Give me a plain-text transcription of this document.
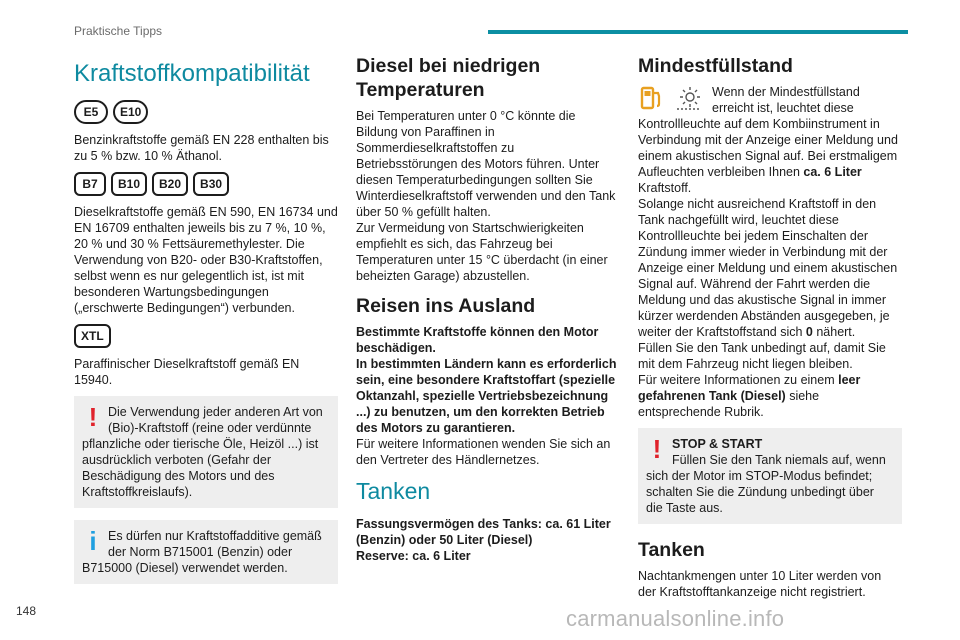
Praktische Tipps
Kraftstoffkompatibilität
E5	E10

Benzinkraftstoffe gemäß EN 228 enthalten bis zu 5 % bzw. 10 % Äthanol.

B7	B10	B20	B30

Dieselkraftstoffe gemäß EN 590, EN 16734 und EN 16709 enthalten jeweils bis zu 7 %, 10 %, 20 % und 30 % Fettsäuremethylester. Die Verwendung von B20- oder B30-Kraftstoffen, selbst wenn es nur gelegentlich ist, ist mit besonderen Wartungsbedingungen („erschwerte Bedingungen“) verbunden.

XTL

Paraffinischer Dieselkraftstoff gemäß EN 15940.

! Die Verwendung jeder anderen Art von (Bio)-Kraftstoff (reine oder verdünnte pflanzliche oder tierische Öle, Heizöl ...) ist ausdrücklich verboten (Gefahr der Beschädigung des Motors und des Kraftstoffkreislaufs).
i Es dürfen nur Kraftstoffadditive gemäß der Norm B715001 (Benzin) oder B715000 (Diesel) verwendet werden.
Diesel bei niedrigen Temperaturen

Bei Temperaturen unter 0 °C könnte die Bildung von Paraffinen in Sommerdieselkraftstoffen zu Betriebsstörungen des Motors führen. Unter diesen Temperaturbedingungen sollten Sie Winterdieselkraftstoff verwenden und den Tank über 50 % gefüllt halten.

Zur Vermeidung von Startschwierigkeiten empfiehlt es sich, das Fahrzeug bei Temperaturen unter 15 °C überdacht (in einer beheizten Garage) abzustellen.

Reisen ins Ausland

Bestimmte Kraftstoffe können den Motor beschädigen.
In bestimmten Ländern kann es erforderlich sein, eine besondere Kraftstoffart (spezielle Oktanzahl, spezielle Vertriebsbezeichnung ...) zu benutzen, um den korrekten Betrieb des Motors zu garantieren.

Für weitere Informationen wenden Sie sich an den Vertreter des Händlernetzes.

Tanken

Fassungsvermögen des Tanks: ca. 61 Liter (Benzin) oder 50 Liter (Diesel)
Reserve: ca. 6 Liter

Mindestfüllstand

Wenn der Mindestfüllstand erreicht ist, leuchtet diese Kontrollleuchte auf dem Kombiinstrument in Verbindung mit der Anzeige einer Meldung und einem akustischen Signal auf. Bei erstmaligem Aufleuchten verbleiben Ihnen ca. 6 Liter Kraftstoff.

Solange nicht ausreichend Kraftstoff in den Tank nachgefüllt wird, leuchtet diese Kontrollleuchte bei jedem Einschalten der Zündung immer wieder in Verbindung mit der Anzeige einer Meldung und einem akustischen Signal auf. Während der Fahrt werden die Meldung und das akustische Signal in immer kürzer werdenden Abständen ausgegeben, je weiter der Kraftstoffstand sich 0 nähert.

Füllen Sie den Tank unbedingt auf, damit Sie mit dem Fahrzeug nicht liegen bleiben.

Für weitere Informationen zu einem leer gefahrenen Tank (Diesel) siehe entsprechende Rubrik.

! STOP & START
Füllen Sie den Tank niemals auf, wenn sich der Motor im STOP-Modus befindet; schalten Sie die Zündung unbedingt über die Taste aus.
Tanken

Nachtankmengen unter 10 Liter werden von der Kraftstofftankanzeige nicht registriert.

148	carmanualsonline.info
